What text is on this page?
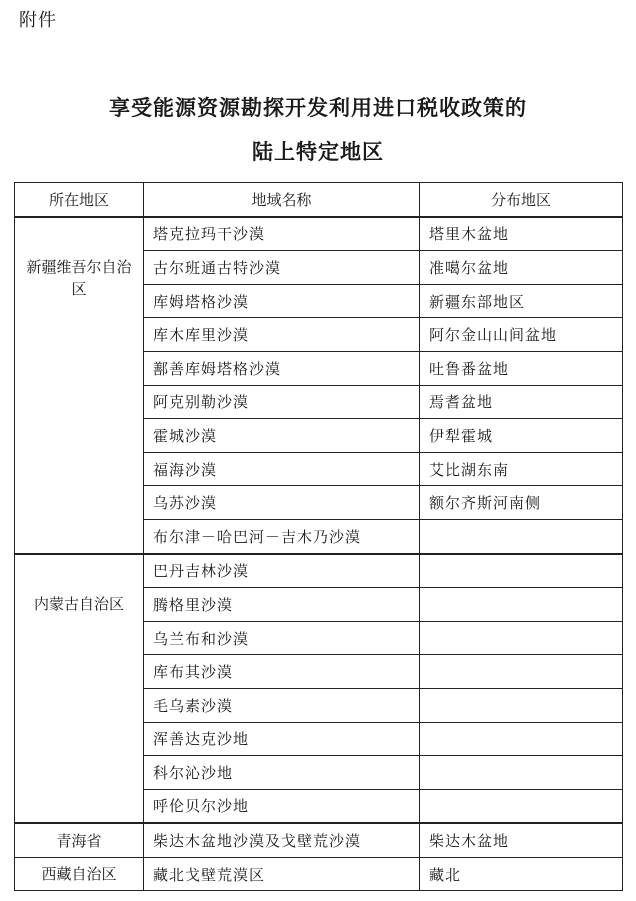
附件
享受能源资源勘探开发利用进口税收政策的
陆上特定地区
所在地区	地域名称	分布地区
新疆维吾尔自治区	塔克拉玛干沙漠	塔里木盆地
	古尔班通古特沙漠	准噶尔盆地
	库姆塔格沙漠	新疆东部地区
	库木库里沙漠	阿尔金山山间盆地
	鄯善库姆塔格沙漠	吐鲁番盆地
	阿克别勒沙漠	焉耆盆地
	霍城沙漠	伊犁霍城
	福海沙漠	艾比湖东南
	乌苏沙漠	额尔齐斯河南侧
	布尔津－哈巴河－吉木乃沙漠	
内蒙古自治区	巴丹吉林沙漠	
	腾格里沙漠	
	乌兰布和沙漠	
	库布其沙漠	
	毛乌素沙漠	
	浑善达克沙地	
	科尔沁沙地	
	呼伦贝尔沙地	
青海省	柴达木盆地沙漠及戈壁荒沙漠	柴达木盆地
西藏自治区	藏北戈壁荒漠区	藏北
